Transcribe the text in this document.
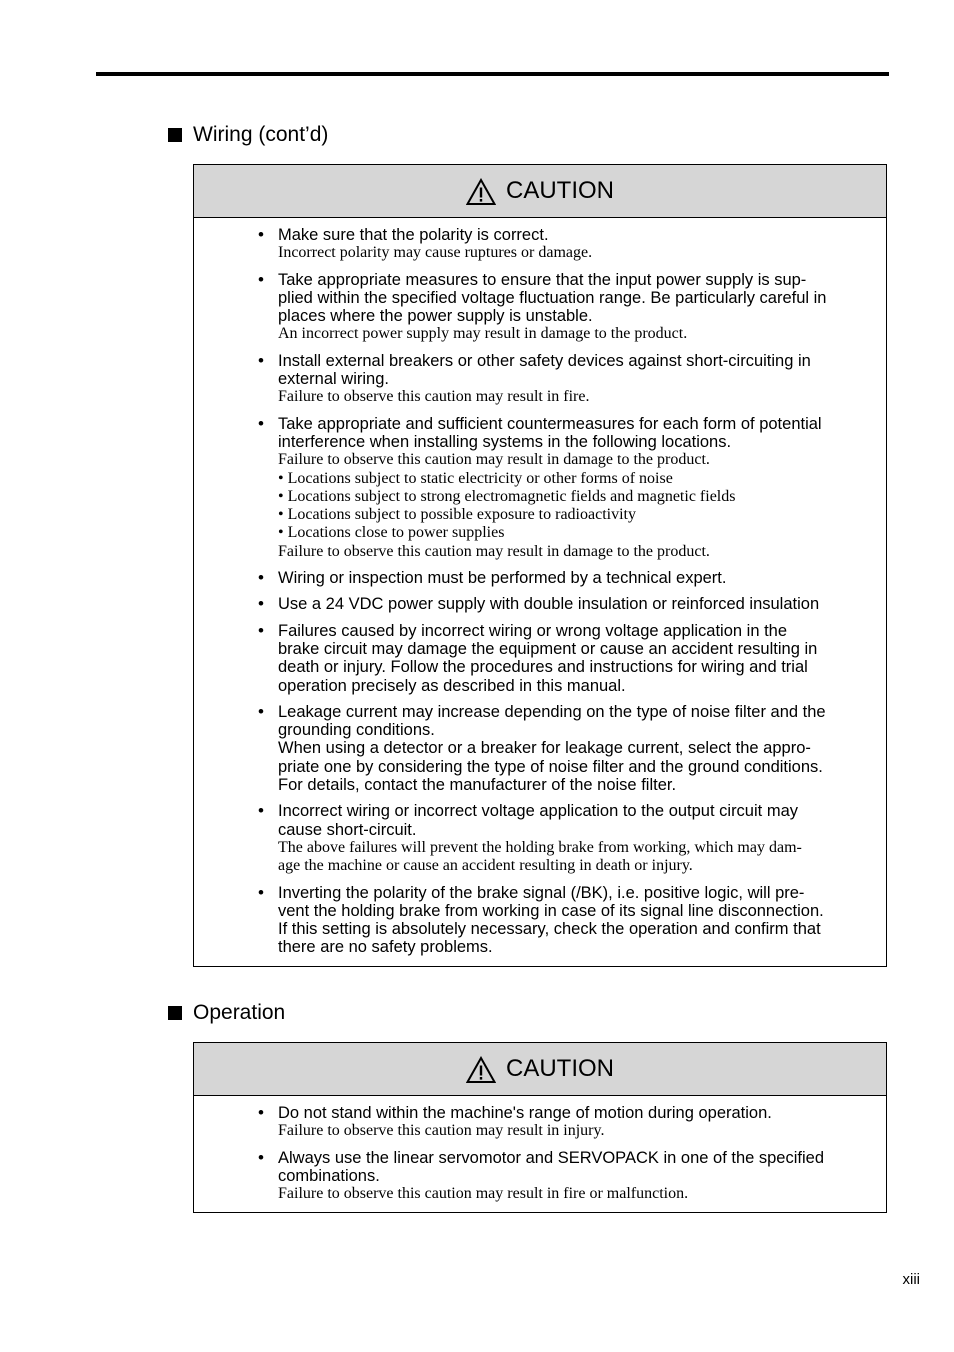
Wiring (cont’d)
CAUTION
• Make sure that the polarity is correct.

Incorrect polarity may cause ruptures or damage.

• Take appropriate measures to ensure that the input power supply is sup-

plied within the specified voltage fluctuation range. Be particularly careful in

places where the power supply is unstable.

An incorrect power supply may result in damage to the product.

• Install external breakers or other safety devices against short-circuiting in

external wiring.

Failure to observe this caution may result in fire.

• Take appropriate and sufficient countermeasures for each form of potential

interference when installing systems in the following locations.

Failure to observe this caution may result in damage to the product.

• Locations subject to static electricity or other forms of noise

• Locations subject to strong electromagnetic fields and magnetic fields

• Locations subject to possible exposure to radioactivity

• Locations close to power supplies

Failure to observe this caution may result in damage to the product.

• Wiring or inspection must be performed by a technical expert.

• Use a 24 VDC power supply with double insulation or reinforced insulation

• Failures caused by incorrect wiring or wrong voltage application in the

brake circuit may damage the equipment or cause an accident resulting in

death or injury. Follow the procedures and instructions for wiring and trial

operation precisely as described in this manual.

• Leakage current may increase depending on the type of noise filter and the

grounding conditions.

When using a detector or a breaker for leakage current, select the appro-

priate one by considering the type of noise filter and the ground conditions.

For details, contact the manufacturer of the noise filter.

• Incorrect wiring or incorrect voltage application to the output circuit may

cause short-circuit.

The above failures will prevent the holding brake from working, which may dam-

age the machine or cause an accident resulting in death or injury.

• Inverting the polarity of the brake signal (/BK), i.e. positive logic, will pre-

vent the holding brake from working in case of its signal line disconnection.

If this setting is absolutely necessary, check the operation and confirm that

there are no safety problems.

Operation
CAUTION
• Do not stand within the machine's range of motion during operation.

Failure to observe this caution may result in injury.

• Always use the linear servomotor and SERVOPACK in one of the specified

combinations.

Failure to observe this caution may result in fire or malfunction.

xiii
